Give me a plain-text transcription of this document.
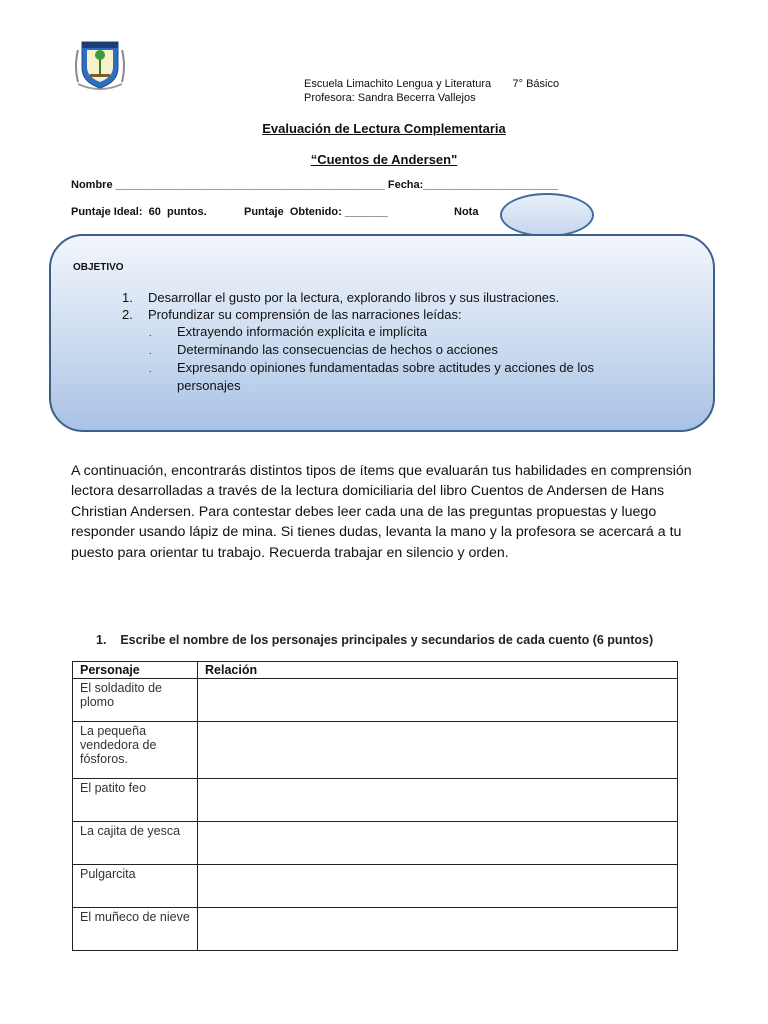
Escuela Limachito Lengua y Literatura       7° Básico
Profesora: Sandra Becerra Vallejos
Evaluación de Lectura Complementaria
“Cuentos de Andersen"
Nombre ____________________________________________ Fecha:______________________
Puntaje Ideal:  60  puntos.	Puntaje  Obtenido: _______	Nota
OBJETIVO
1. Desarrollar el gusto por la lectura, explorando libros y sus ilustraciones.
2. Profundizar su comprensión de las narraciones leídas:
. Extrayendo información explícita e implícita
. Determinando las consecuencias de hechos o acciones
. Expresando opiniones fundamentadas sobre actitudes y acciones de los
personajes
A continuación, encontrarás distintos tipos de ítems que evaluarán tus habilidades en comprensión lectora desarrolladas a través de la lectura domiciliaria del libro Cuentos de Andersen de Hans Christian Andersen. Para contestar debes leer cada una de las preguntas propuestas y luego responder usando lápiz de mina. Si tienes dudas, levanta la mano y la profesora se acercará a tu puesto para orientar tu trabajo. Recuerda trabajar en silencio y orden.
1.    Escribe el nombre de los personajes principales y secundarios de cada cuento (6 puntos)
Personaje	Relación
El soldadito de plomo	
La pequeña vendedora de fósforos.	
El patito feo	
La cajita de yesca	
Pulgarcita	
El muñeco de nieve	
